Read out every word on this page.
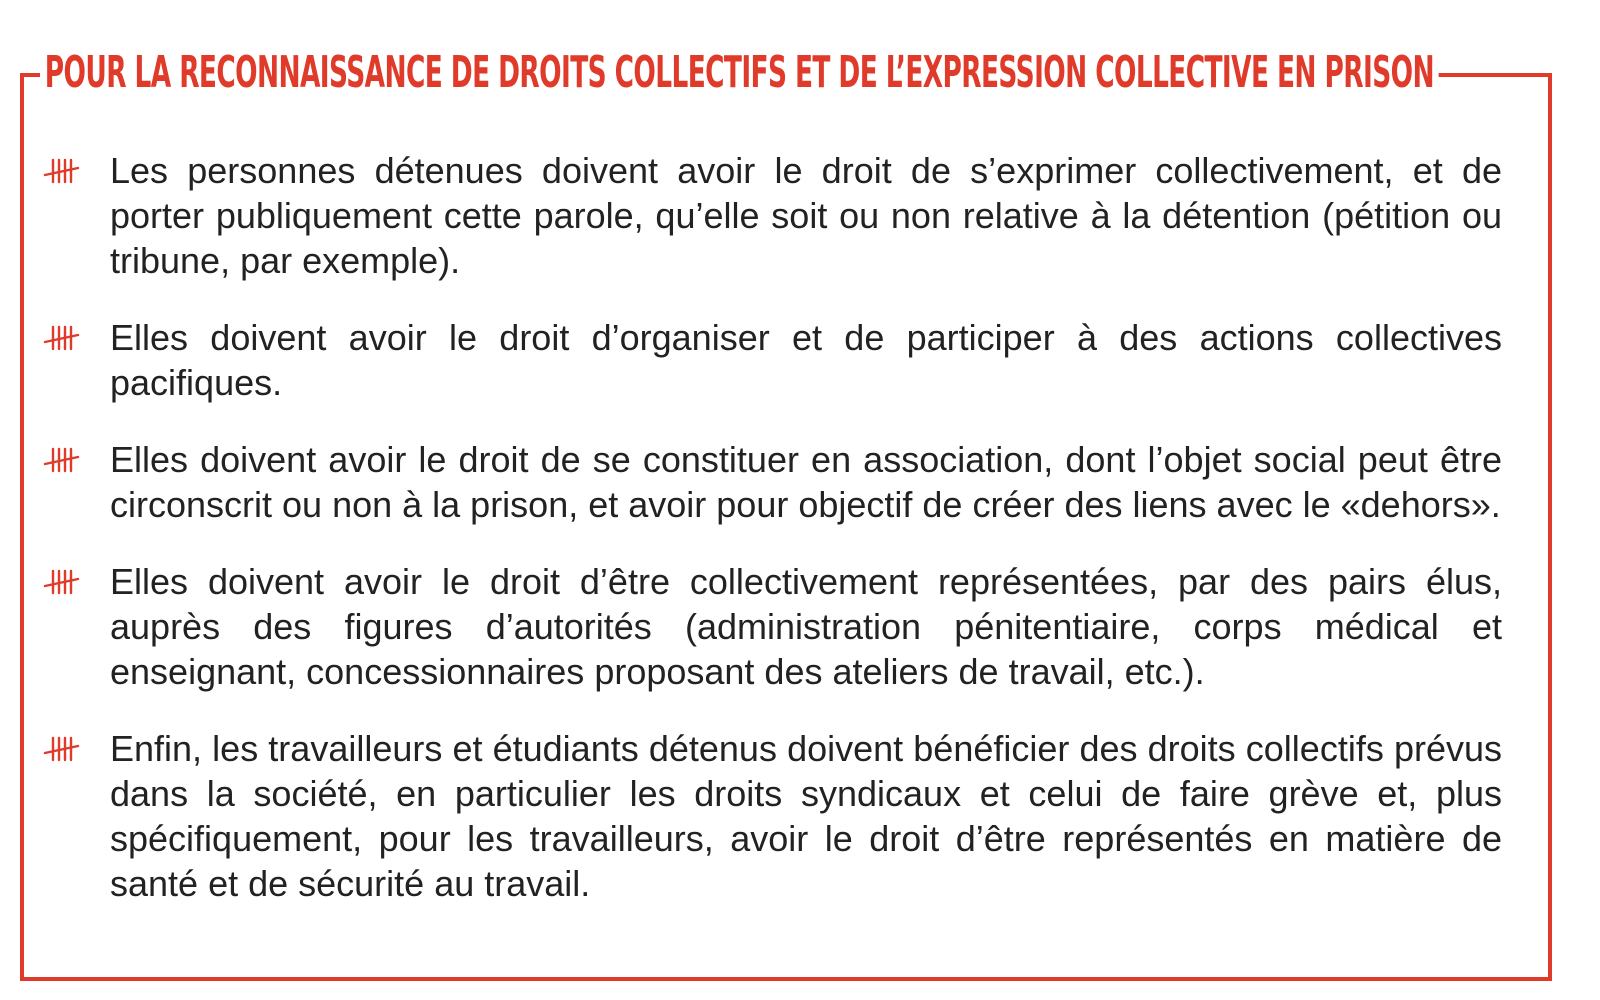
POUR LA RECONNAISSANCE DE DROITS COLLECTIFS ET DE L’EXPRESSION COLLECTIVE EN PRISON

Les personnes détenues doivent avoir le droit de s’exprimer collectivement, et de porter publiquement cette parole, qu’elle soit ou non relative à la détention (pétition ou tribune, par exemple).

Elles doivent avoir le droit d’organiser et de participer à des actions collectives pacifiques.

Elles doivent avoir le droit de se constituer en association, dont l’objet social peut être circonscrit ou non à la prison, et avoir pour objectif de créer des liens avec le «dehors».

Elles doivent avoir le droit d’être collectivement représentées, par des pairs élus, auprès des figures d’autorités (administration pénitentiaire, corps médical et enseignant, concessionnaires proposant des ateliers de travail, etc.).

Enfin, les travailleurs et étudiants détenus doivent bénéficier des droits collectifs prévus dans la société, en particulier les droits syndicaux et celui de faire grève et, plus spécifiquement, pour les travailleurs, avoir le droit d’être représentés en matière de santé et de sécurité au travail.
